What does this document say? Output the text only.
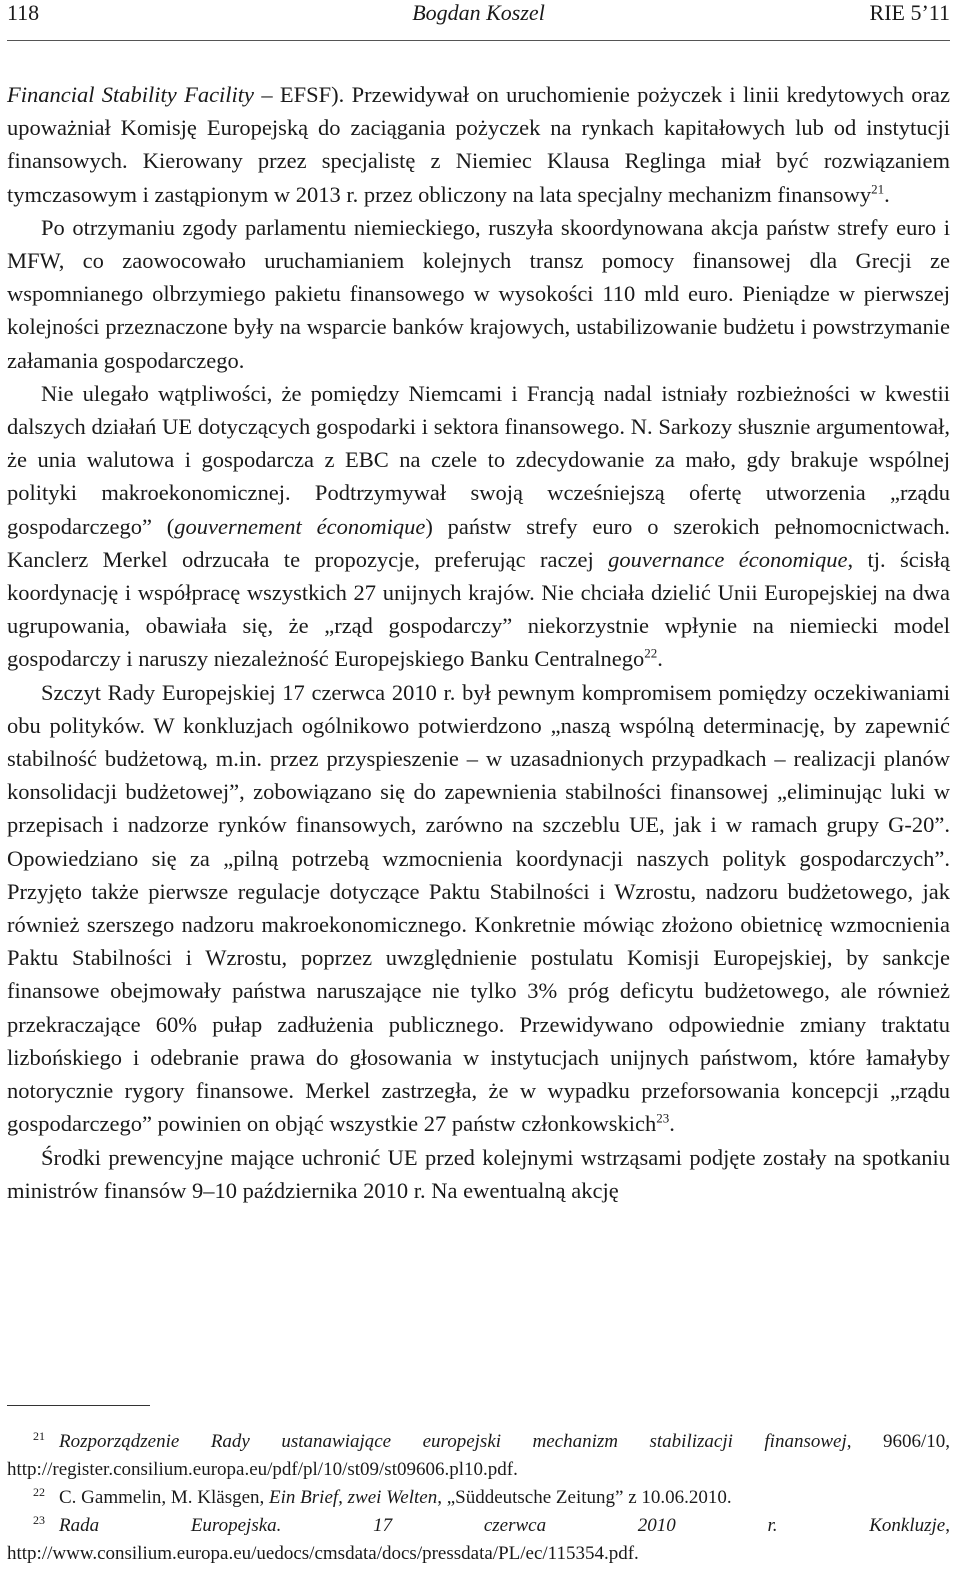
118	Bogdan Koszel	RIE 5’11

Financial Stability Facility – EFSF). Przewidywał on uruchomienie pożyczek i linii kredytowych oraz upoważniał Komisję Europejską do zaciągania pożyczek na rynkach kapitałowych lub od instytucji finansowych. Kierowany przez specjalistę z Niemiec Klausa Reglinga miał być rozwiązaniem tymczasowym i zastąpionym w 2013 r. przez obliczony na lata specjalny mechanizm finansowy$^{21}$.

Po otrzymaniu zgody parlamentu niemieckiego, ruszyła skoordynowana akcja państw strefy euro i MFW, co zaowocowało uruchamianiem kolejnych transz pomocy finansowej dla Grecji ze wspomnianego olbrzymiego pakietu finansowego w wysokości 110 mld euro. Pieniądze w pierwszej kolejności przeznaczone były na wsparcie banków krajowych, ustabilizowanie budżetu i powstrzymanie załamania gospodarczego.

Nie ulegało wątpliwości, że pomiędzy Niemcami i Francją nadal istniały rozbieżności w kwestii dalszych działań UE dotyczących gospodarki i sektora finansowego. N. Sarkozy słusznie argumentował, że unia walutowa i gospodarcza z EBC na czele to zdecydowanie za mało, gdy brakuje wspólnej polityki makroekonomicznej. Podtrzymywał swoją wcześniejszą ofertę utworzenia „rządu gospodarczego” (gouvernement économique) państw strefy euro o szerokich pełnomocnictwach. Kanclerz Merkel odrzucała te propozycje, preferując raczej gouvernance économique, tj. ścisłą koordynację i współpracę wszystkich 27 unijnych krajów. Nie chciała dzielić Unii Europejskiej na dwa ugrupowania, obawiała się, że „rząd gospodarczy” niekorzystnie wpłynie na niemiecki model gospodarczy i naruszy niezależność Europejskiego Banku Centralnego$^{22}$.

Szczyt Rady Europejskiej 17 czerwca 2010 r. był pewnym kompromisem pomiędzy oczekiwaniami obu polityków. W konkluzjach ogólnikowo potwierdzono „naszą wspólną determinację, by zapewnić stabilność budżetową, m.in. przez przyspieszenie – w uzasadnionych przypadkach – realizacji planów konsolidacji budżetowej”, zobowiązano się do zapewnienia stabilności finansowej „eliminując luki w przepisach i nadzorze rynków finansowych, zarówno na szczeblu UE, jak i w ramach grupy G-20”. Opowiedziano się za „pilną potrzebą wzmocnienia koordynacji naszych polityk gospodarczych”. Przyjęto także pierwsze regulacje dotyczące Paktu Stabilności i Wzrostu, nadzoru budżetowego, jak również szerszego nadzoru makroekonomicznego. Konkretnie mówiąc złożono obietnicę wzmocnienia Paktu Stabilności i Wzrostu, poprzez uwzględnienie postulatu Komisji Europejskiej, by sankcje finansowe obejmowały państwa naruszające nie tylko 3% próg deficytu budżetowego, ale również przekraczające 60% pułap zadłużenia publicznego. Przewidywano odpowiednie zmiany traktatu lizbońskiego i odebranie prawa do głosowania w instytucjach unijnych państwom, które łamałyby notorycznie rygory finansowe. Merkel zastrzegła, że w wypadku przeforsowania koncepcji „rządu gospodarczego” powinien on objąć wszystkie 27 państw członkowskich$^{23}$.

Środki prewencyjne mające uchronić UE przed kolejnymi wstrząsami podjęte zostały na spotkaniu ministrów finansów 9–10 października 2010 r. Na ewentualną akcję

$^{21}$ Rozporządzenie Rady ustanawiające europejski mechanizm stabilizacji finansowej, 9606/10, http://register.consilium.europa.eu/pdf/pl/10/st09/st09606.pl10.pdf.

$^{22}$ C. Gammelin, M. Kläsgen, Ein Brief, zwei Welten, „Süddeutsche Zeitung” z 10.06.2010.

$^{23}$ Rada Europejska. 17 czerwca 2010 r. Konkluzje, http://www.consilium.europa.eu/uedocs/cmsdata/docs/pressdata/PL/ec/115354.pdf.
